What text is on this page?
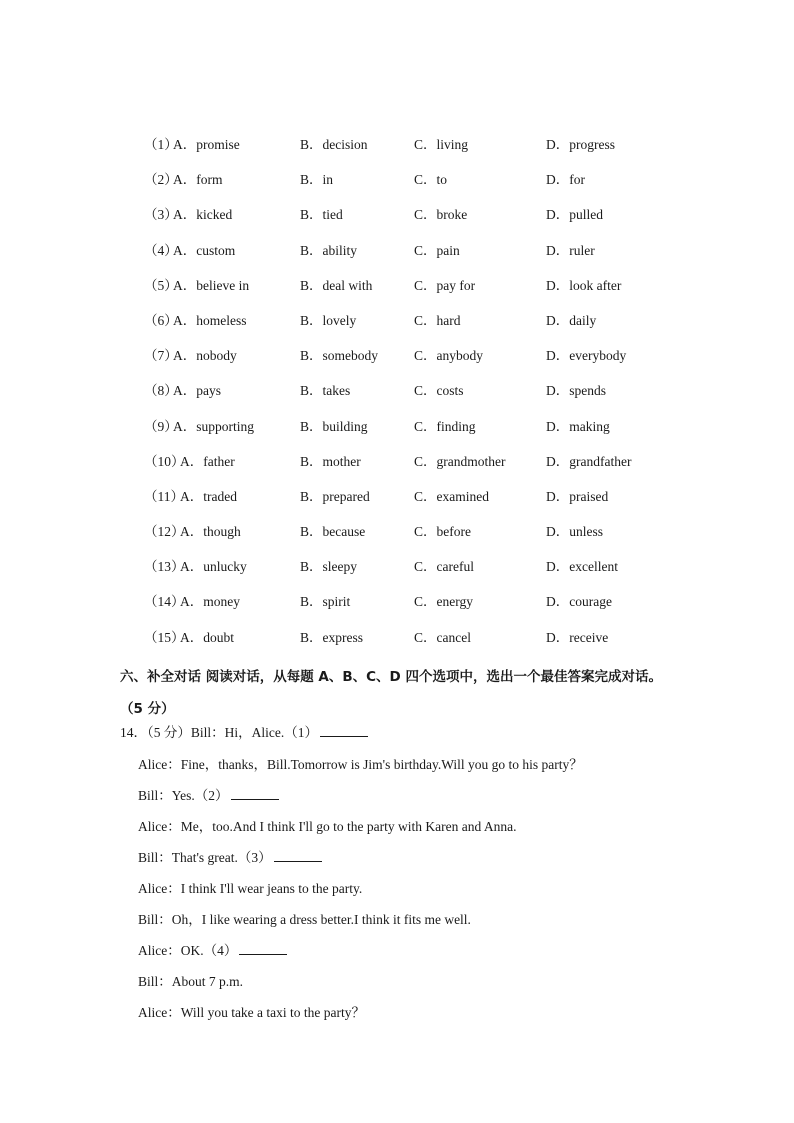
（1）
A．promise	B．decision	C．living	D．progress
（2）
A．form	B．in	C．to	D．for
（3）
A．kicked	B．tied	C．broke	D．pulled
（4）
A．custom	B．ability	C．pain	D．ruler
（5）
A．believe in	B．deal with	C．pay for	D．look after
（6）
A．homeless	B．lovely	C．hard	D．daily
（7）
A．nobody	B．somebody	C．anybody	D．everybody
（8）
A．pays	B．takes	C．costs	D．spends
（9）
A．supporting	B．building	C．finding	D．making
（10）
A．father	B．mother	C．grandmother	D．grandfather
（11）
A．traded	B．prepared	C．examined	D．praised
（12）
A．though	B．because	C．before	D．unless
（13）
A．unlucky	B．sleepy	C．careful	D．excellent
（14）
A．money	B．spirit	C．energy	D．courage
（15）
A．doubt	B．express	C．cancel	D．receive
六、补全对话 阅读对话，从每题 A、B、C、D 四个选项中，选出一个最佳答案完成对话。
（5 分）
14．（5 分）Bill：Hi，Alice.（1）
Alice：Fine，thanks，Bill.Tomorrow is Jim's birthday.Will you go to his party？
Bill：Yes.（2）
Alice：Me，too.And I think I'll go to the party with Karen and Anna.
Bill：That's great.（3）
Alice：I think I'll wear jeans to the party.
Bill：Oh，I like wearing a dress better.I think it fits me well.
Alice：OK.（4）
Bill：About 7 p.m.
Alice：Will you take a taxi to the party？
